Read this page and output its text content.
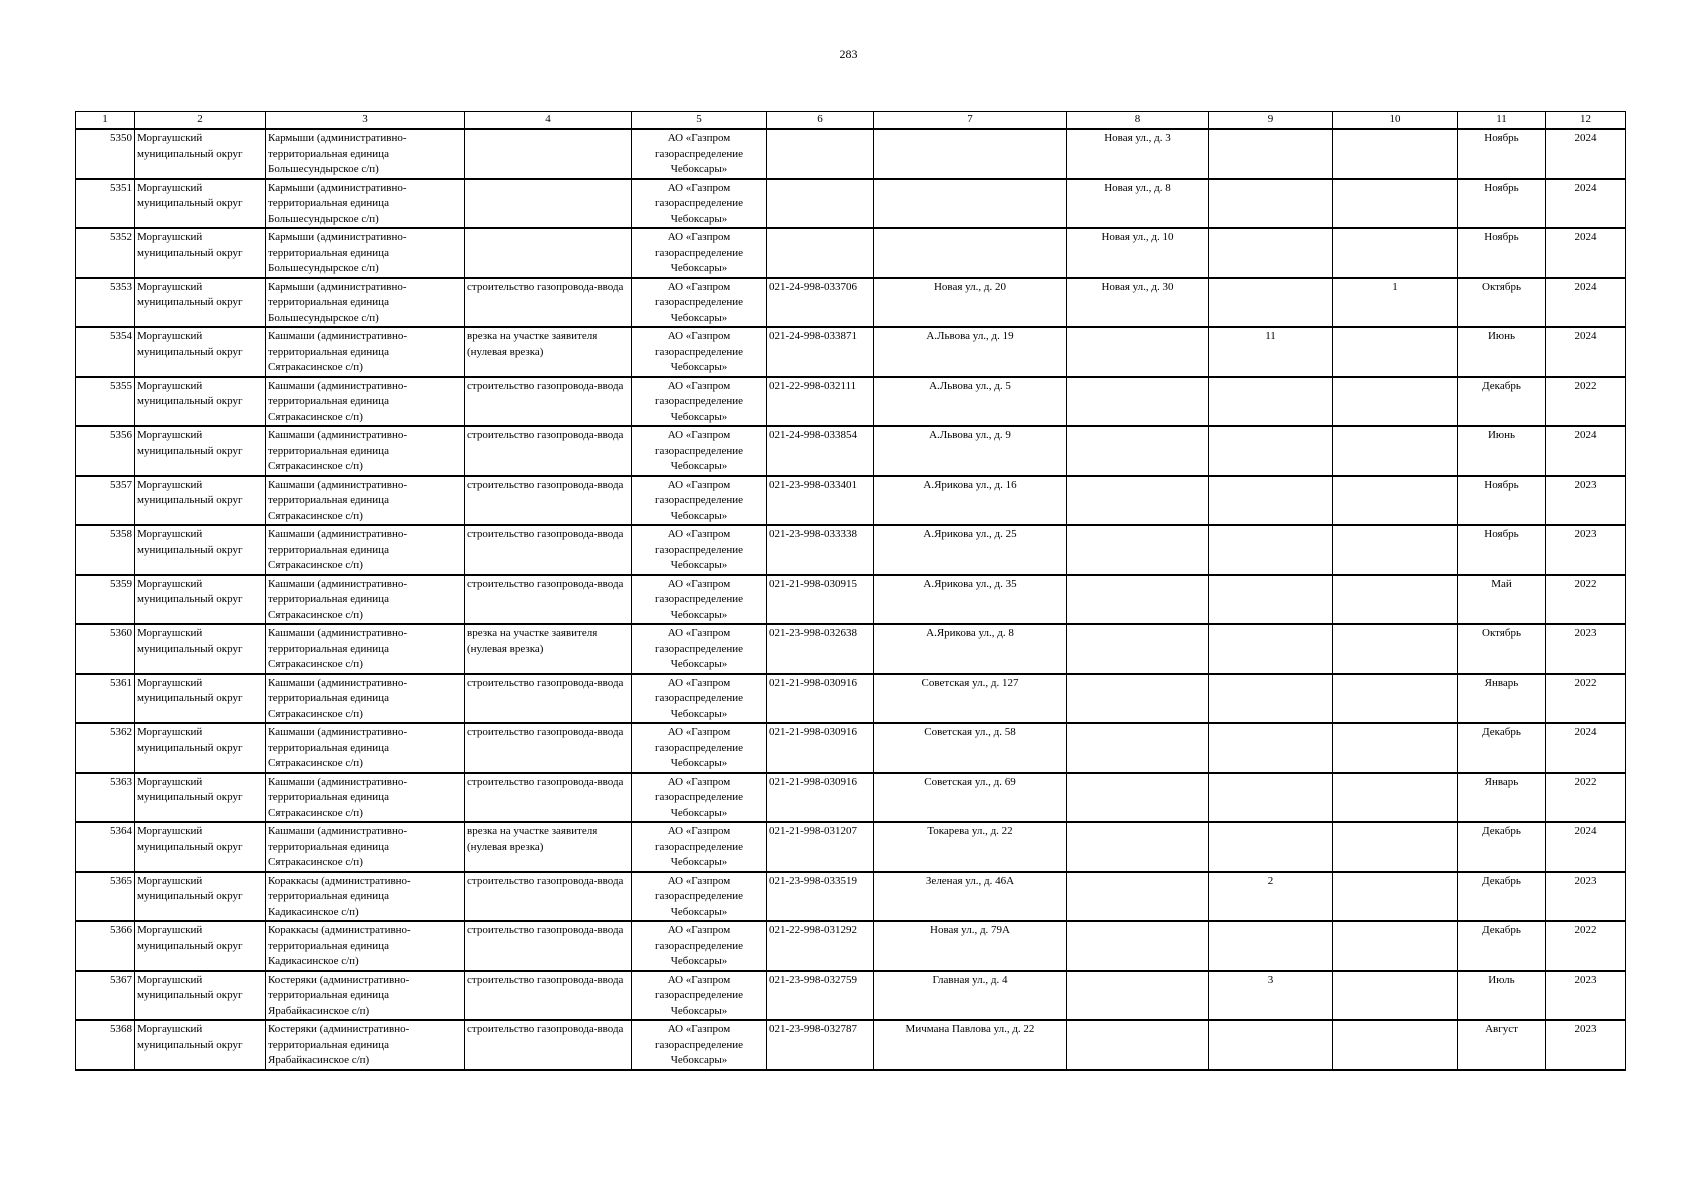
283
1	2	3	4	5	6	7	8	9	10	11	12
5350	Моргаушский муниципальный округ	Кармыши (административно-территориальная единица Большесундырское с/п)		АО «Газпром газораспределение Чебоксары»			Новая ул., д. 3			Ноябрь	2024
5351	Моргаушский муниципальный округ	Кармыши (административно-территориальная единица Большесундырское с/п)		АО «Газпром газораспределение Чебоксары»			Новая ул., д. 8			Ноябрь	2024
5352	Моргаушский муниципальный округ	Кармыши (административно-территориальная единица Большесундырское с/п)		АО «Газпром газораспределение Чебоксары»			Новая ул., д. 10			Ноябрь	2024
5353	Моргаушский муниципальный округ	Кармыши (административно-территориальная единица Большесундырское с/п)	строительство газопровода-ввода	АО «Газпром газораспределение Чебоксары»	021-24-998-033706	Новая ул., д. 20	Новая ул., д. 30		1	Октябрь	2024
5354	Моргаушский муниципальный округ	Кашмаши (административно-территориальная единица Сятракасинское с/п)	врезка на участке заявителя (нулевая врезка)	АО «Газпром газораспределение Чебоксары»	021-24-998-033871	А.Львова ул., д. 19		11		Июнь	2024
5355	Моргаушский муниципальный округ	Кашмаши (административно-территориальная единица Сятракасинское с/п)	строительство газопровода-ввода	АО «Газпром газораспределение Чебоксары»	021-22-998-032111	А.Львова ул., д. 5				Декабрь	2022
5356	Моргаушский муниципальный округ	Кашмаши (административно-территориальная единица Сятракасинское с/п)	строительство газопровода-ввода	АО «Газпром газораспределение Чебоксары»	021-24-998-033854	А.Львова ул., д. 9				Июнь	2024
5357	Моргаушский муниципальный округ	Кашмаши (административно-территориальная единица Сятракасинское с/п)	строительство газопровода-ввода	АО «Газпром газораспределение Чебоксары»	021-23-998-033401	А.Ярикова ул., д. 16				Ноябрь	2023
5358	Моргаушский муниципальный округ	Кашмаши (административно-территориальная единица Сятракасинское с/п)	строительство газопровода-ввода	АО «Газпром газораспределение Чебоксары»	021-23-998-033338	А.Ярикова ул., д. 25				Ноябрь	2023
5359	Моргаушский муниципальный округ	Кашмаши (административно-территориальная единица Сятракасинское с/п)	строительство газопровода-ввода	АО «Газпром газораспределение Чебоксары»	021-21-998-030915	А.Ярикова ул., д. 35				Май	2022
5360	Моргаушский муниципальный округ	Кашмаши (административно-территориальная единица Сятракасинское с/п)	врезка на участке заявителя (нулевая врезка)	АО «Газпром газораспределение Чебоксары»	021-23-998-032638	А.Ярикова ул., д. 8				Октябрь	2023
5361	Моргаушский муниципальный округ	Кашмаши (административно-территориальная единица Сятракасинское с/п)	строительство газопровода-ввода	АО «Газпром газораспределение Чебоксары»	021-21-998-030916	Советская ул., д. 127				Январь	2022
5362	Моргаушский муниципальный округ	Кашмаши (административно-территориальная единица Сятракасинское с/п)	строительство газопровода-ввода	АО «Газпром газораспределение Чебоксары»	021-21-998-030916	Советская ул., д. 58				Декабрь	2024
5363	Моргаушский муниципальный округ	Кашмаши (административно-территориальная единица Сятракасинское с/п)	строительство газопровода-ввода	АО «Газпром газораспределение Чебоксары»	021-21-998-030916	Советская ул., д. 69				Январь	2022
5364	Моргаушский муниципальный округ	Кашмаши (административно-территориальная единица Сятракасинское с/п)	врезка на участке заявителя (нулевая врезка)	АО «Газпром газораспределение Чебоксары»	021-21-998-031207	Токарева ул., д. 22				Декабрь	2024
5365	Моргаушский муниципальный округ	Кораккасы (административно-территориальная единица Кадикасинское с/п)	строительство газопровода-ввода	АО «Газпром газораспределение Чебоксары»	021-23-998-033519	Зеленая ул., д. 46А		2		Декабрь	2023
5366	Моргаушский муниципальный округ	Кораккасы (административно-территориальная единица Кадикасинское с/п)	строительство газопровода-ввода	АО «Газпром газораспределение Чебоксары»	021-22-998-031292	Новая ул., д. 79А				Декабрь	2022
5367	Моргаушский муниципальный округ	Костеряки (административно-территориальная единица Ярабайкасинское с/п)	строительство газопровода-ввода	АО «Газпром газораспределение Чебоксары»	021-23-998-032759	Главная ул., д. 4		3		Июль	2023
5368	Моргаушский муниципальный округ	Костеряки (административно-территориальная единица Ярабайкасинское с/п)	строительство газопровода-ввода	АО «Газпром газораспределение Чебоксары»	021-23-998-032787	Мичмана Павлова ул., д. 22				Август	2023
